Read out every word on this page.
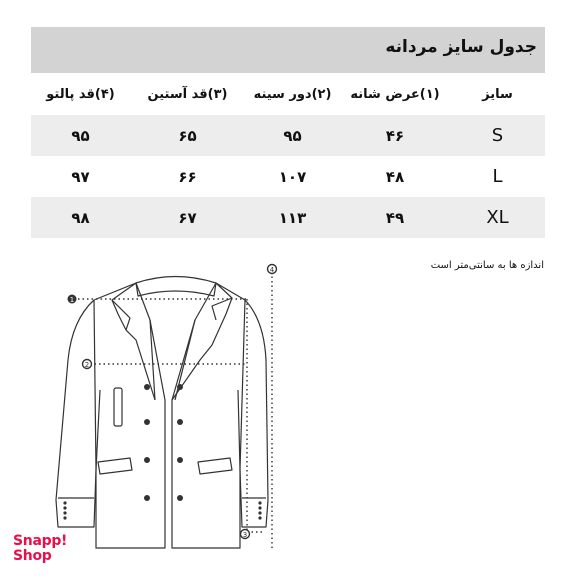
جدول سایز مردانه
سایز	(۱)عرض شانه	(۲)دور سینه	(۳)قد آستین	(۴)قد پالتو
S	۴۶	۹۵	۶۵	۹۵
L	۴۸	۱۰۷	۶۶	۹۷
XL	۴۹	۱۱۳	۶۷	۹۸
اندازه ها به سانتی‌متر است
1
2
3
4
Snapp!
Shop
